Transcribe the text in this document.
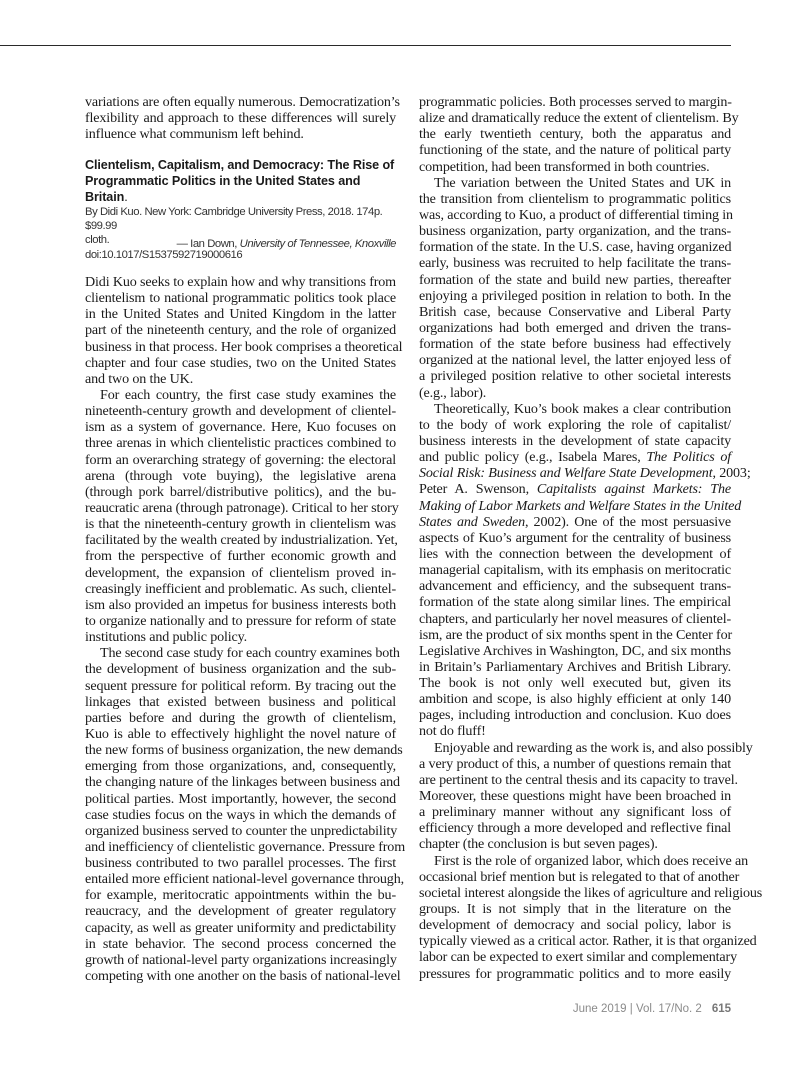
variations are often equally numerous. Democratization’s
flexibility and approach to these differences will surely
influence what communism left behind.
Clientelism, Capitalism, and Democracy: The Rise of
Programmatic Politics in the United States and Britain.
By Didi Kuo. New York: Cambridge University Press, 2018. 174p. $99.99
cloth.
doi:10.1017/S1537592719000616
— Ian Down, University of Tennessee, Knoxville
Didi Kuo seeks to explain how and why transitions from
clientelism to national programmatic politics took place
in the United States and United Kingdom in the latter
part of the nineteenth century, and the role of organized
business in that process. Her book comprises a theoretical
chapter and four case studies, two on the United States
and two on the UK.
For each country, the first case study examines the
nineteenth-century growth and development of clientel-
ism as a system of governance. Here, Kuo focuses on
three arenas in which clientelistic practices combined to
form an overarching strategy of governing: the electoral
arena (through vote buying), the legislative arena
(through pork barrel/distributive politics), and the bu-
reaucratic arena (through patronage). Critical to her story
is that the nineteenth-century growth in clientelism was
facilitated by the wealth created by industrialization. Yet,
from the perspective of further economic growth and
development, the expansion of clientelism proved in-
creasingly inefficient and problematic. As such, clientel-
ism also provided an impetus for business interests both
to organize nationally and to pressure for reform of state
institutions and public policy.
The second case study for each country examines both
the development of business organization and the sub-
sequent pressure for political reform. By tracing out the
linkages that existed between business and political
parties before and during the growth of clientelism,
Kuo is able to effectively highlight the novel nature of
the new forms of business organization, the new demands
emerging from those organizations, and, consequently,
the changing nature of the linkages between business and
political parties. Most importantly, however, the second
case studies focus on the ways in which the demands of
organized business served to counter the unpredictability
and inefficiency of clientelistic governance. Pressure from
business contributed to two parallel processes. The first
entailed more efficient national-level governance through,
for example, meritocratic appointments within the bu-
reaucracy, and the development of greater regulatory
capacity, as well as greater uniformity and predictability
in state behavior. The second process concerned the
growth of national-level party organizations increasingly
competing with one another on the basis of national-level
programmatic policies. Both processes served to margin-
alize and dramatically reduce the extent of clientelism. By
the early twentieth century, both the apparatus and
functioning of the state, and the nature of political party
competition, had been transformed in both countries.
The variation between the United States and UK in
the transition from clientelism to programmatic politics
was, according to Kuo, a product of differential timing in
business organization, party organization, and the trans-
formation of the state. In the U.S. case, having organized
early, business was recruited to help facilitate the trans-
formation of the state and build new parties, thereafter
enjoying a privileged position in relation to both. In the
British case, because Conservative and Liberal Party
organizations had both emerged and driven the trans-
formation of the state before business had effectively
organized at the national level, the latter enjoyed less of
a privileged position relative to other societal interests
(e.g., labor).
Theoretically, Kuo’s book makes a clear contribution
to the body of work exploring the role of capitalist/
business interests in the development of state capacity
and public policy (e.g., Isabela Mares, The Politics of
Social Risk: Business and Welfare State Development, 2003;
Peter A. Swenson, Capitalists against Markets: The
Making of Labor Markets and Welfare States in the United
States and Sweden, 2002). One of the most persuasive
aspects of Kuo’s argument for the centrality of business
lies with the connection between the development of
managerial capitalism, with its emphasis on meritocratic
advancement and efficiency, and the subsequent trans-
formation of the state along similar lines. The empirical
chapters, and particularly her novel measures of clientel-
ism, are the product of six months spent in the Center for
Legislative Archives in Washington, DC, and six months
in Britain’s Parliamentary Archives and British Library.
The book is not only well executed but, given its
ambition and scope, is also highly efficient at only 140
pages, including introduction and conclusion. Kuo does
not do fluff!
Enjoyable and rewarding as the work is, and also possibly
a very product of this, a number of questions remain that
are pertinent to the central thesis and its capacity to travel.
Moreover, these questions might have been broached in
a preliminary manner without any significant loss of
efficiency through a more developed and reflective final
chapter (the conclusion is but seven pages).
First is the role of organized labor, which does receive an
occasional brief mention but is relegated to that of another
societal interest alongside the likes of agriculture and religious
groups. It is not simply that in the literature on the
development of democracy and social policy, labor is
typically viewed as a critical actor. Rather, it is that organized
labor can be expected to exert similar and complementary
pressures for programmatic politics and to more easily
June 2019 | Vol. 17/No. 2 615
